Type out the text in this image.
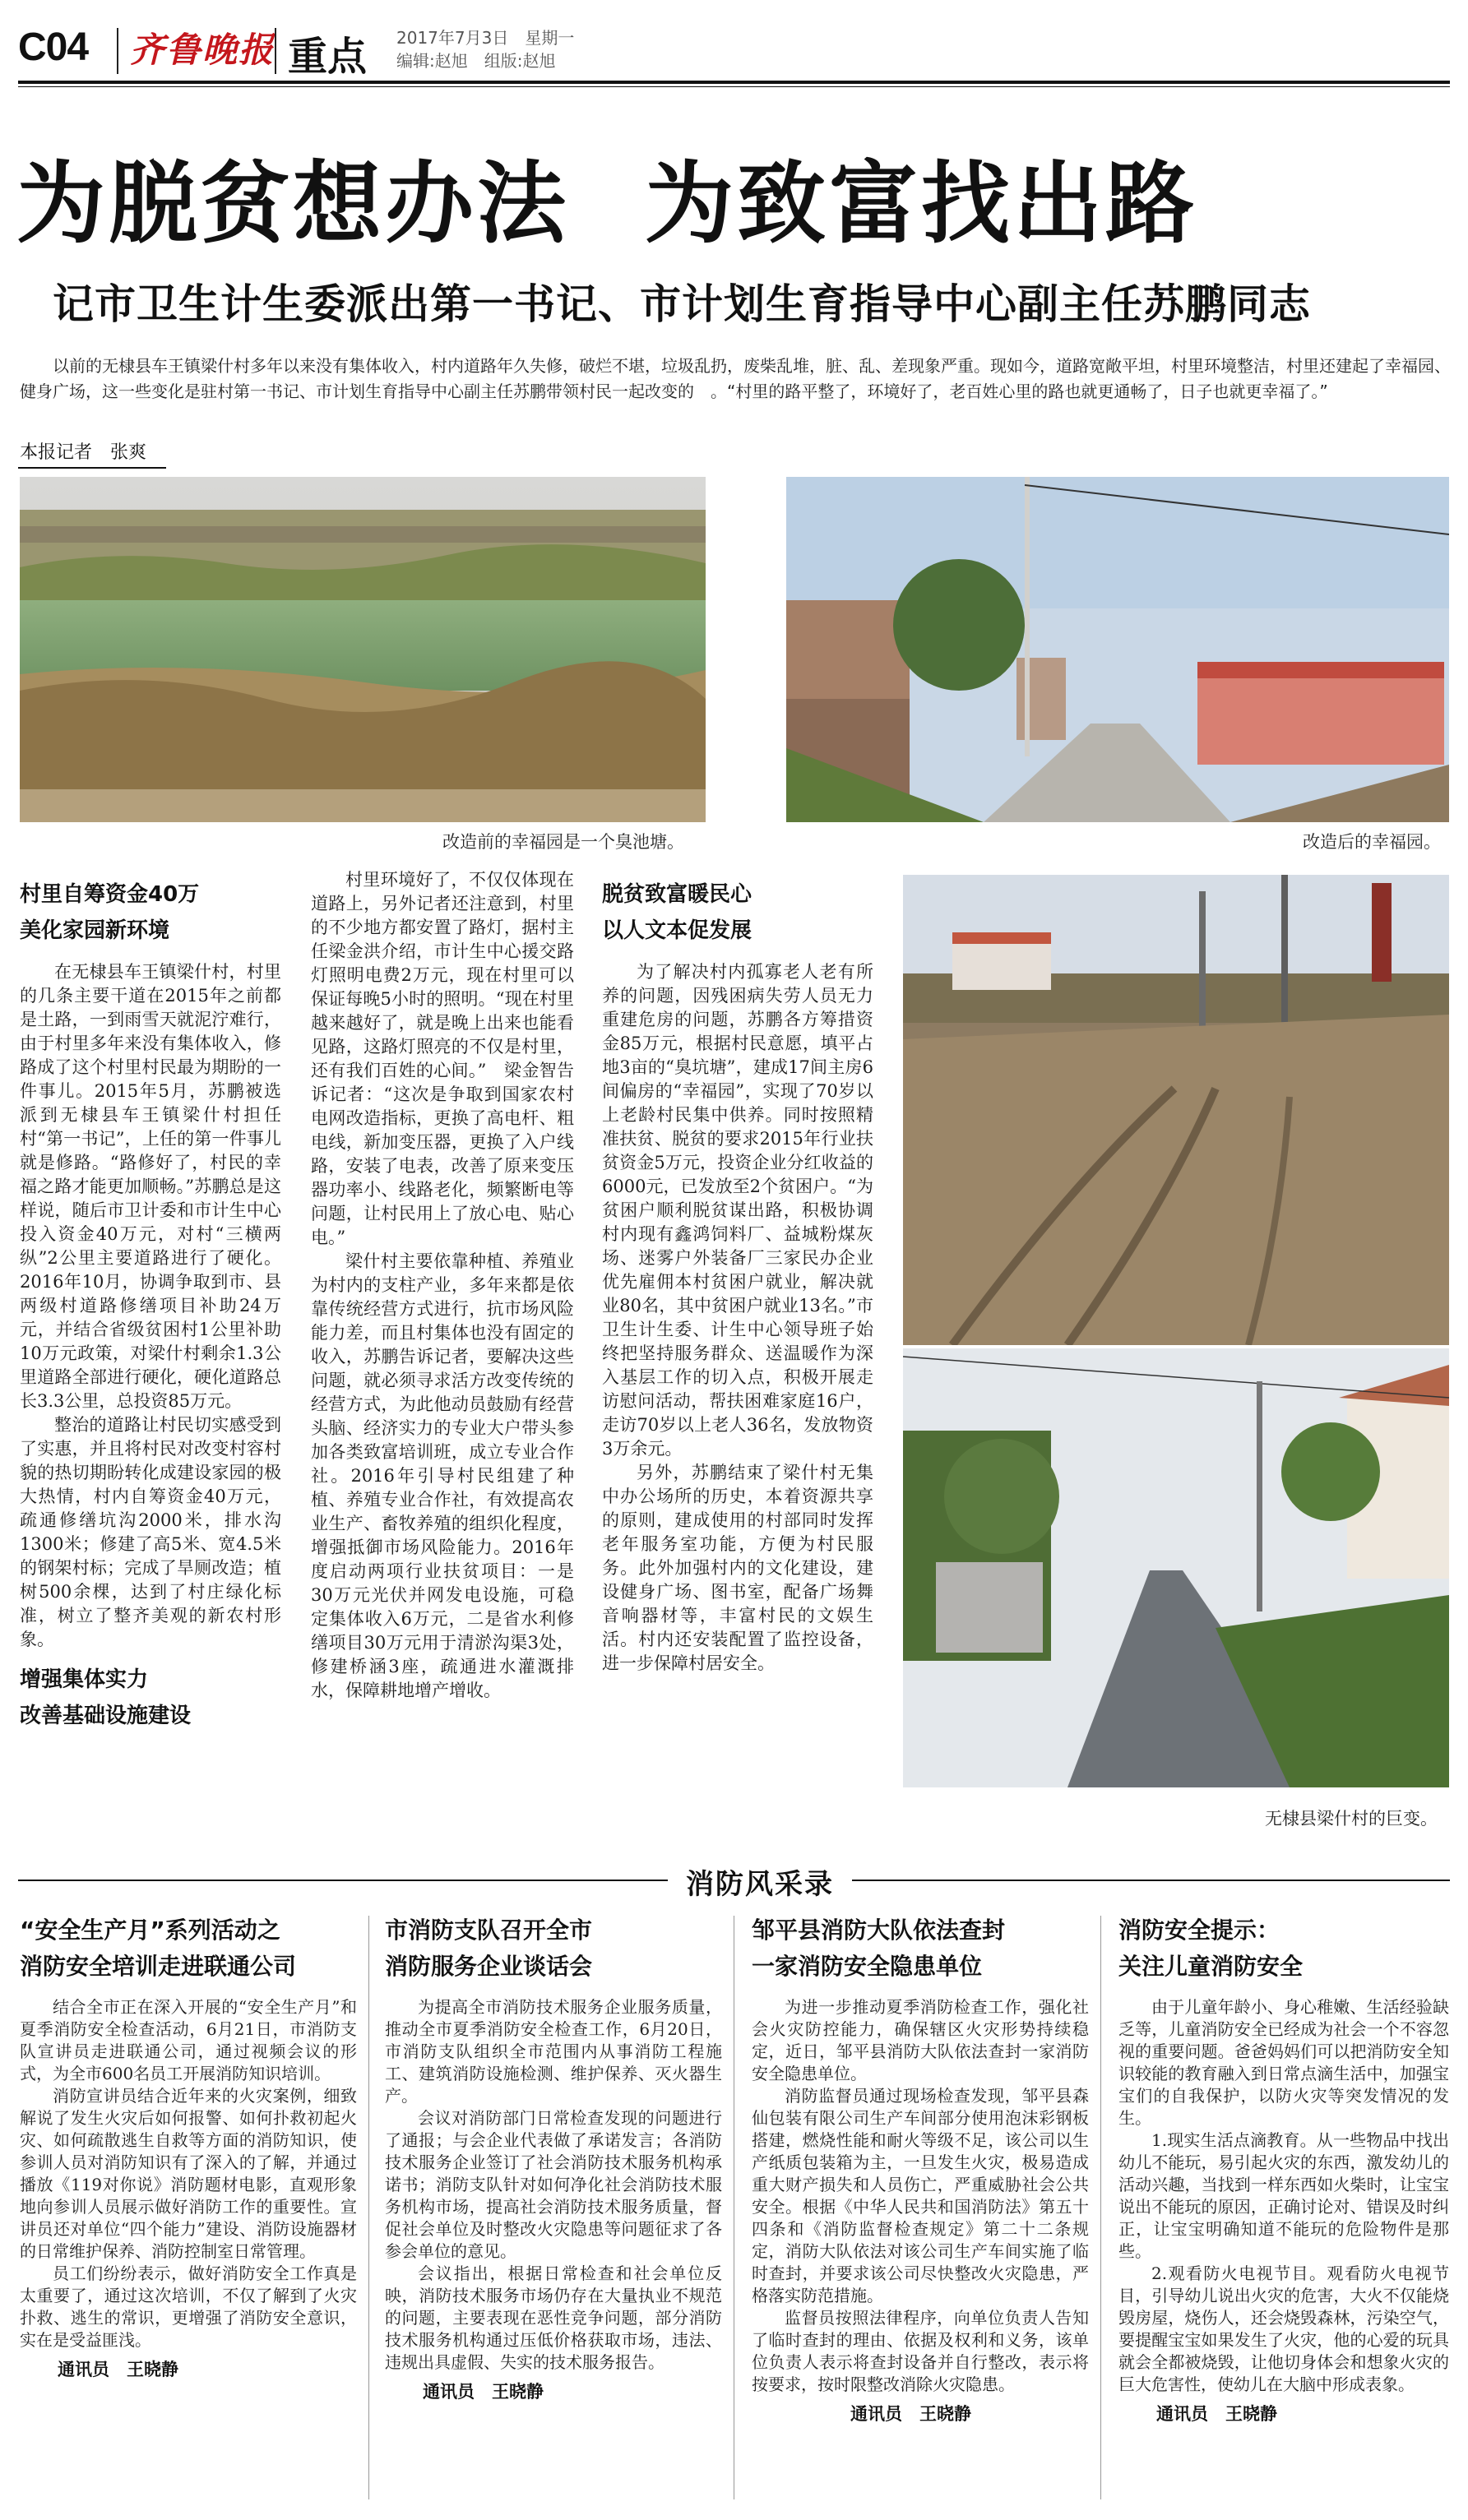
C04 齐鲁晚报 重点 2017年7月3日　星期一
编辑:赵旭　组版:赵旭
为脱贫想办法 为致富找出路
记市卫生计生委派出第一书记、市计划生育指导中心副主任苏鹏同志
以前的无棣县车王镇梁什村多年以来没有集体收入，村内道路年久失修，破烂不堪，垃圾乱扔，废柴乱堆，脏、乱、差现象严重。现如今，道路宽敞平坦，村里环境整洁，村里还建起了幸福园、健身广场，这一些变化是驻村第一书记、市计划生育指导中心副主任苏鹏带领村民一起改变的　。“村里的路平整了，环境好了，老百姓心里的路也就更通畅了，日子也就更幸福了。”
本报记者　张爽
改造前的幸福园是一个臭池塘。	改造后的幸福园。
无棣县梁什村的巨变。
村里自筹资金40万
美化家园新环境

在无棣县车王镇梁什村，村里的几条主要干道在2015年之前都是土路，一到雨雪天就泥泞难行，由于村里多年来没有集体收入，修路成了这个村里村民最为期盼的一件事儿。2015年5月，苏鹏被选派到无棣县车王镇梁什村担任村“第一书记”，上任的第一件事儿就是修路。“路修好了，村民的幸福之路才能更加顺畅。”苏鹏总是这样说，随后市卫计委和市计生中心投入资金40万元，对村“三横两纵”2公里主要道路进行了硬化。2016年10月，协调争取到市、县两级村道路修缮项目补助24万元，并结合省级贫困村1公里补助10万元政策，对梁什村剩余1.3公里道路全部进行硬化，硬化道路总长3.3公里，总投资85万元。

整治的道路让村民切实感受到了实惠，并且将村民对改变村容村貌的热切期盼转化成建设家园的极大热情，村内自筹资金40万元，疏通修缮坑沟2000米，排水沟1300米；修建了高5米、宽4.5米的钢架村标；完成了旱厕改造；植树500余棵，达到了村庄绿化标准，树立了整齐美观的新农村形象。

增强集体实力
改善基础设施建设

村里环境好了，不仅仅体现在道路上，另外记者还注意到，村里的不少地方都安置了路灯，据村主任梁金洪介绍，市计生中心援交路灯照明电费2万元，现在村里可以保证每晚5小时的照明。“现在村里越来越好了，就是晚上出来也能看见路，这路灯照亮的不仅是村里，还有我们百姓的心间。”　梁金智告诉记者：“这次是争取到国家农村电网改造指标，更换了高电杆、粗电线，新加变压器，更换了入户线路，安装了电表，改善了原来变压器功率小、线路老化，频繁断电等问题，让村民用上了放心电、贴心电。”

梁什村主要依靠种植、养殖业为村内的支柱产业，多年来都是依靠传统经营方式进行，抗市场风险能力差，而且村集体也没有固定的收入，苏鹏告诉记者，要解决这些问题，就必须寻求活方改变传统的经营方式，为此他动员鼓励有经营头脑、经济实力的专业大户带头参加各类致富培训班，成立专业合作社。2016年引导村民组建了种植、养殖专业合作社，有效提高农业生产、畜牧养殖的组织化程度，增强抵御市场风险能力。2016年度启动两项行业扶贫项目：一是30万元光伏并网发电设施，可稳定集体收入6万元，二是省水利修缮项目30万元用于清淤沟渠3处，修建桥涵3座，疏通进水灌溉排水，保障耕地增产增收。

脱贫致富暖民心
以人文本促发展

为了解决村内孤寡老人老有所养的问题，因残困病失劳人员无力重建危房的问题，苏鹏各方筹措资金85万元，根据村民意愿，填平占地3亩的“臭坑塘”，建成17间主房6间偏房的“幸福园”，实现了70岁以上老龄村民集中供养。同时按照精准扶贫、脱贫的要求2015年行业扶贫资金5万元，投资企业分红收益的6000元，已发放至2个贫困户。“为贫困户顺利脱贫谋出路，积极协调村内现有鑫鸿饲料厂、益城粉煤灰场、迷雾户外装备厂三家民办企业优先雇佣本村贫困户就业，解决就业80名，其中贫困户就业13名。”市卫生计生委、计生中心领导班子始终把坚持服务群众、送温暖作为深入基层工作的切入点，积极开展走访慰问活动，帮扶困难家庭16户，走访70岁以上老人36名，发放物资3万余元。

另外，苏鹏结束了梁什村无集中办公场所的历史，本着资源共享的原则，建成使用的村部同时发挥老年服务室功能，方便为村民服务。此外加强村内的文化建设，建设健身广场、图书室，配备广场舞音响器材等，丰富村民的文娱生活。村内还安装配置了监控设备，进一步保障村居安全。

消防风采录
“安全生产月”系列活动之
消防安全培训走进联通公司

结合全市正在深入开展的“安全生产月”和夏季消防安全检查活动，6月21日，市消防支队宣讲员走进联通公司，通过视频会议的形式，为全市600名员工开展消防知识培训。

消防宣讲员结合近年来的火灾案例，细致解说了发生火灾后如何报警、如何扑救初起火灾、如何疏散逃生自救等方面的消防知识，使参训人员对消防知识有了深入的了解，并通过播放《119对你说》消防题材电影，直观形象地向参训人员展示做好消防工作的重要性。宣讲员还对单位“四个能力”建设、消防设施器材的日常维护保养、消防控制室日常管理。

员工们纷纷表示，做好消防安全工作真是太重要了，通过这次培训，不仅了解到了火灾扑救、逃生的常识，更增强了消防安全意识，实在是受益匪浅。

通讯员　王晓静
市消防支队召开全市
消防服务企业谈话会

为提高全市消防技术服务企业服务质量，推动全市夏季消防安全检查工作，6月20日，市消防支队组织全市范围内从事消防工程施工、建筑消防设施检测、维护保养、灭火器生产。

会议对消防部门日常检查发现的问题进行了通报；与会企业代表做了承诺发言；各消防技术服务企业签订了社会消防技术服务机构承诺书；消防支队针对如何净化社会消防技术服务机构市场，提高社会消防技术服务质量，督促社会单位及时整改火灾隐患等问题征求了各参会单位的意见。

会议指出，根据日常检查和社会单位反映，消防技术服务市场仍存在大量执业不规范的问题，主要表现在恶性竞争问题，部分消防技术服务机构通过压低价格获取市场，违法、违规出具虚假、失实的技术服务报告。

通讯员　王晓静
邹平县消防大队依法查封
一家消防安全隐患单位

为进一步推动夏季消防检查工作，强化社会火灾防控能力，确保辖区火灾形势持续稳定，近日，邹平县消防大队依法查封一家消防安全隐患单位。

消防监督员通过现场检查发现，邹平县森仙包装有限公司生产车间部分使用泡沫彩钢板搭建，燃烧性能和耐火等级不足，该公司以生产纸质包装箱为主，一旦发生火灾，极易造成重大财产损失和人员伤亡，严重威胁社会公共安全。根据《中华人民共和国消防法》第五十四条和《消防监督检查规定》第二十二条规定，消防大队依法对该公司生产车间实施了临时查封，并要求该公司尽快整改火灾隐患，严格落实防范措施。

监督员按照法律程序，向单位负责人告知了临时查封的理由、依据及权利和义务，该单位负责人表示将查封设备并自行整改，表示将按要求，按时限整改消除火灾隐患。

通讯员　王晓静
消防安全提示：
关注儿童消防安全

由于儿童年龄小、身心稚嫩、生活经验缺乏等，儿童消防安全已经成为社会一个不容忽视的重要问题。爸爸妈妈们可以把消防安全知识较能的教育融入到日常点滴生活中，加强宝宝们的自我保护，以防火灾等突发情况的发生。

1.现实生活点滴教育。从一些物品中找出幼儿不能玩，易引起火灾的东西，激发幼儿的活动兴趣，当找到一样东西如火柴时，让宝宝说出不能玩的原因，正确讨论对、错误及时纠正，让宝宝明确知道不能玩的危险物件是那些。

2.观看防火电视节目。观看防火电视节目，引导幼儿说出火灾的危害，大火不仅能烧毁房屋，烧伤人，还会烧毁森林，污染空气，要提醒宝宝如果发生了火灾，他的心爱的玩具就会全都被烧毁，让他切身体会和想象火灾的巨大危害性，使幼儿在大脑中形成表象。

通讯员　王晓静
